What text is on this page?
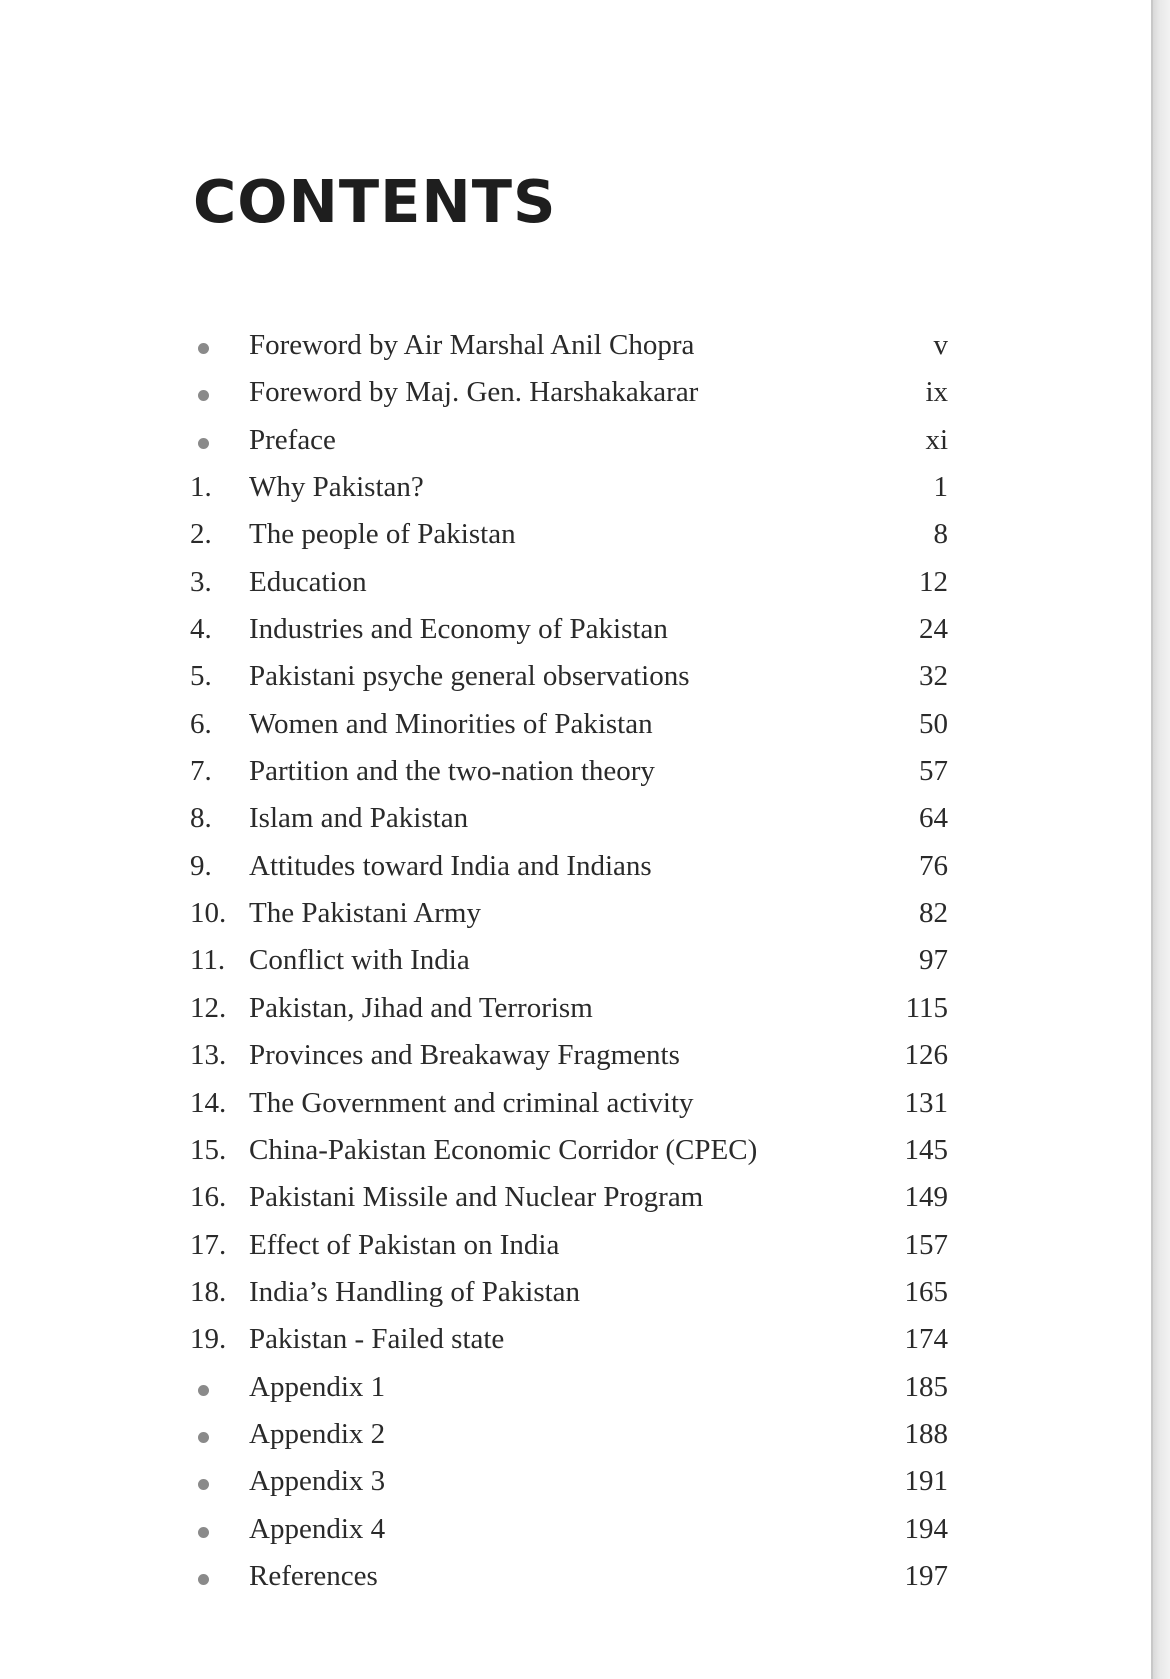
CONTENTS
Foreword by Air Marshal Anil Chopra	v
Foreword by Maj. Gen. Harshakakarar	ix
Preface	xi
1.	Why Pakistan?	1
2.	The people of Pakistan	8
3.	Education	12
4.	Industries and Economy of Pakistan	24
5.	Pakistani psyche general observations	32
6.	Women and Minorities of Pakistan	50
7.	Partition and the two-nation theory	57
8.	Islam and Pakistan	64
9.	Attitudes toward India and Indians	76
10. The Pakistani Army	82
11. Conflict with India	97
12. Pakistan, Jihad and Terrorism	115
13. Provinces and Breakaway Fragments	126
14. The Government and criminal activity	131
15. China-Pakistan Economic Corridor (CPEC)	145
16. Pakistani Missile and Nuclear Program	149
17. Effect of Pakistan on India	157
18. India’s Handling of Pakistan	165
19. Pakistan - Failed state	174
Appendix 1	185
Appendix 2	188
Appendix 3	191
Appendix 4	194
References	197
